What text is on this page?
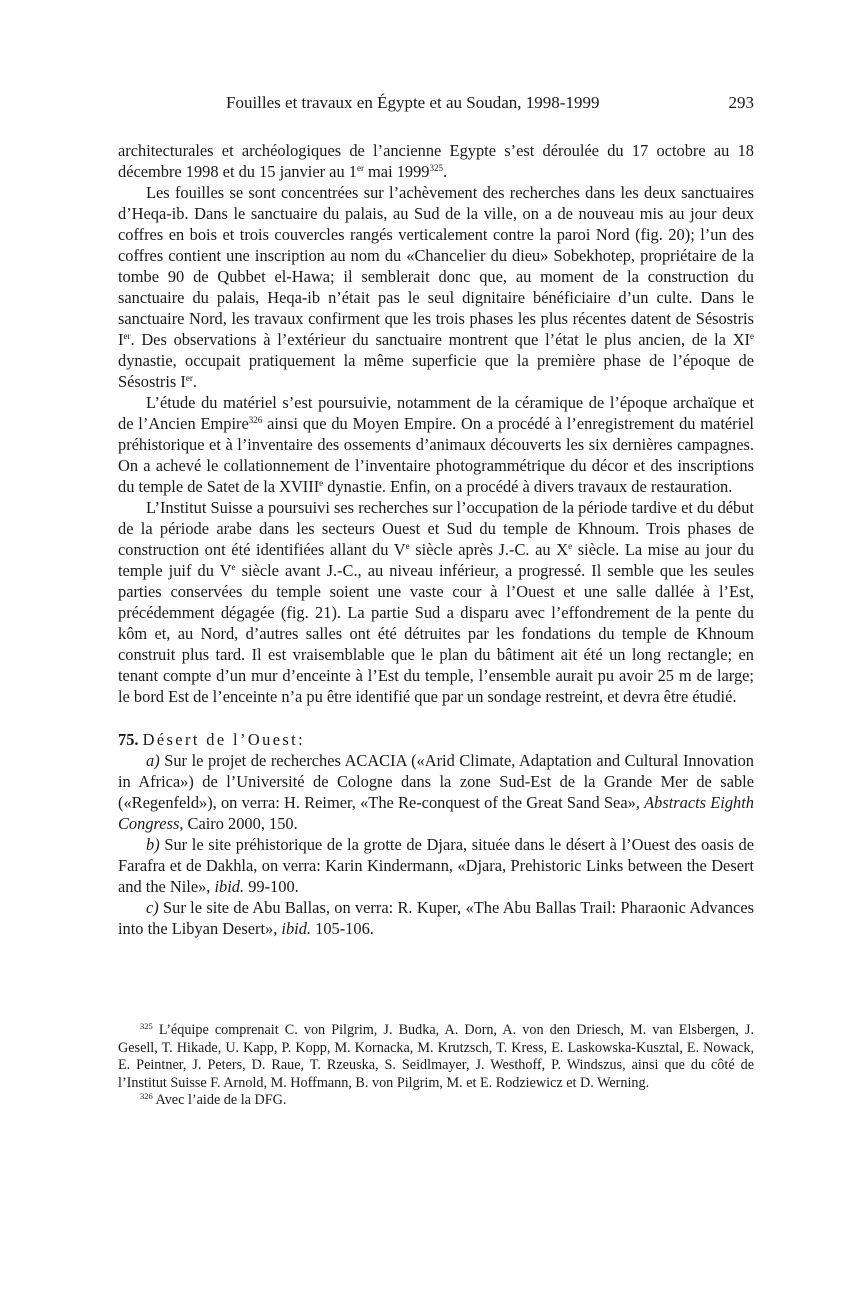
Fouilles et travaux en Égypte et au Soudan, 1998-1999	293

architecturales et archéologiques de l’ancienne Egypte s’est déroulée du 17 octobre au 18 décembre 1998 et du 15 janvier au 1er mai 1999$^{325}$.

Les fouilles se sont concentrées sur l’achèvement des recherches dans les deux sanctuaires d’Heqa-ib. Dans le sanctuaire du palais, au Sud de la ville, on a de nouveau mis au jour deux coffres en bois et trois couvercles rangés verticalement contre la paroi Nord (fig. 20); l’un des coffres contient une inscription au nom du «Chancelier du dieu» Sobekhotep, propriétaire de la tombe 90 de Qubbet el-Hawa; il semblerait donc que, au moment de la construction du sanctuaire du palais, Heqa-ib n’était pas le seul dignitaire bénéficiaire d’un culte. Dans le sanctuaire Nord, les travaux confirment que les trois phases les plus récentes datent de Sésostris Ier. Des observations à l’extérieur du sanctuaire montrent que l’état le plus ancien, de la XIe dynastie, occupait pratiquement la même superficie que la première phase de l’époque de Sésostris Ier.

L’étude du matériel s’est poursuivie, notamment de la céramique de l’époque archaïque et de l’Ancien Empire$^{326}$ ainsi que du Moyen Empire. On a procédé à l’enregistrement du matériel préhistorique et à l’inventaire des ossements d’animaux découverts les six dernières campagnes. On a achevé le collationnement de l’inventaire photogrammétrique du décor et des inscriptions du temple de Satet de la XVIIIe dynastie. Enfin, on a procédé à divers travaux de restauration.

L’Institut Suisse a poursuivi ses recherches sur l’occupation de la période tardive et du début de la période arabe dans les secteurs Ouest et Sud du temple de Khnoum. Trois phases de construction ont été identifiées allant du Ve siècle après J.-C. au Xe siècle. La mise au jour du temple juif du Ve siècle avant J.-C., au niveau inférieur, a progressé. Il semble que les seules parties conservées du temple soient une vaste cour à l’Ouest et une salle dallée à l’Est, précédemment dégagée (fig. 21). La partie Sud a disparu avec l’effondrement de la pente du kôm et, au Nord, d’autres salles ont été détruites par les fondations du temple de Khnoum construit plus tard. Il est vraisemblable que le plan du bâtiment ait été un long rectangle; en tenant compte d’un mur d’enceinte à l’Est du temple, l’ensemble aurait pu avoir 25 m de large; le bord Est de l’enceinte n’a pu être identifié que par un sondage restreint, et devra être étudié.

75. Désert de l’Ouest:

a) Sur le projet de recherches ACACIA («Arid Climate, Adaptation and Cultural Innovation in Africa») de l’Université de Cologne dans la zone Sud-Est de la Grande Mer de sable («Regenfeld»), on verra: H. Reimer, «The Re-conquest of the Great Sand Sea», Abstracts Eighth Congress, Cairo 2000, 150.

b) Sur le site préhistorique de la grotte de Djara, située dans le désert à l’Ouest des oasis de Farafra et de Dakhla, on verra: Karin Kindermann, «Djara, Prehistoric Links between the Desert and the Nile», ibid. 99-100.

c) Sur le site de Abu Ballas, on verra: R. Kuper, «The Abu Ballas Trail: Pharaonic Advances into the Libyan Desert», ibid. 105-106.

$^{325}$ L’équipe comprenait C. von Pilgrim, J. Budka, A. Dorn, A. von den Driesch, M. van Elsbergen, J. Gesell, T. Hikade, U. Kapp, P. Kopp, M. Kornacka, M. Krutzsch, T. Kress, E. Laskowska-Kusztal, E. Nowack, E. Peintner, J. Peters, D. Raue, T. Rzeuska, S. Seidlmayer, J. Westhoff, P. Windszus, ainsi que du côté de l’Institut Suisse F. Arnold, M. Hoffmann, B. von Pilgrim, M. et E. Rodziewicz et D. Werning.

$^{326}$ Avec l’aide de la DFG.
